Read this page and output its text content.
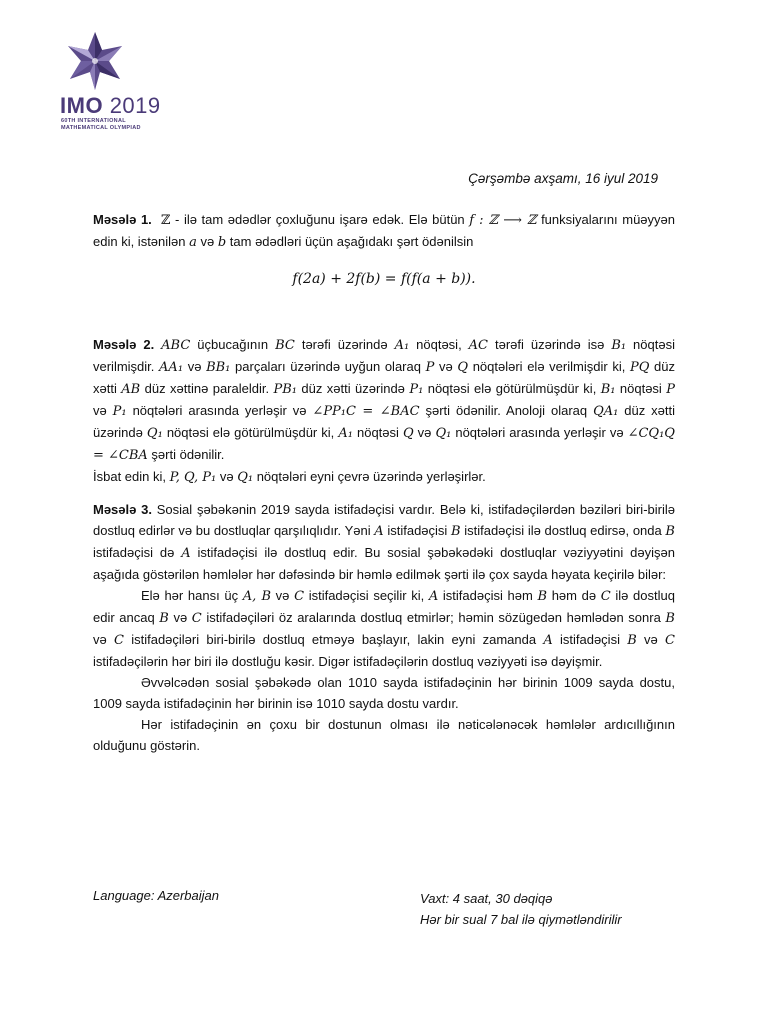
IMO 2019
60TH INTERNATIONAL
MATHEMATICAL OLYMPIAD
Çərşəmbə axşamı, 16 iyul 2019

Məsələ 1. ℤ - ilə tam ədədlər çoxluğunu işarə edək. Elə bütün f : ℤ ⟶ ℤ funksiyalarını müəyyən edin ki, istənilən a və b tam ədədləri üçün aşağıdakı şərt ödənilsin

f(2a) + 2f(b) = f(f(a + b)).

Məsələ 2. ABC üçbucağının BC tərəfi üzərində A₁ nöqtəsi, AC tərəfi üzərində isə B₁ nöqtəsi verilmişdir. AA₁ və BB₁ parçaları üzərində uyğun olaraq P və Q nöqtələri elə verilmişdir ki, PQ düz xətti AB düz xəttinə paraleldir. PB₁ düz xətti üzərində P₁ nöqtəsi elə götürülmüşdür ki, B₁ nöqtəsi P və P₁ nöqtələri arasında yerləşir və ∠PP₁C = ∠BAC şərti ödənilir. Anoloji olaraq QA₁ düz xətti üzərində Q₁ nöqtəsi elə götürülmüşdür ki, A₁ nöqtəsi Q və Q₁ nöqtələri arasında yerləşir və ∠CQ₁Q = ∠CBA şərti ödənilir.

İsbat edin ki, P, Q, P₁ və Q₁ nöqtələri eyni çevrə üzərində yerləşirlər.

Məsələ 3. Sosial şəbəkənin 2019 sayda istifadəçisi vardır. Belə ki, istifadəçilərdən bəziləri biri-birilə dostluq edirlər və bu dostluqlar qarşılıqlıdır. Yəni A istifadəçisi B istifadəçisi ilə dostluq edirsə, onda B istifadəçisi də A istifadəçisi ilə dostluq edir. Bu sosial şəbəkədəki dostluqlar vəziyyətini dəyişən aşağıda göstərilən həmlələr hər dəfəsində bir həmlə edilmək şərti ilə çox sayda həyata keçirilə bilər:

Elə hər hansı üç A, B və C istifadəçisi seçilir ki, A istifadəçisi həm B həm də C ilə dostluq edir ancaq B və C istifadəçiləri öz aralarında dostluq etmirlər; həmin sözügedən həmlədən sonra B və C istifadəçiləri biri-birilə dostluq etməyə başlayır, lakin eyni zamanda A istifadəçisi B və C istifadəçilərin hər biri ilə dostluğu kəsir. Digər istifadəçilərin dostluq vəziyyəti isə dəyişmir.

Əvvəlcədən sosial şəbəkədə olan 1010 sayda istifadəçinin hər birinin 1009 sayda dostu, 1009 sayda istifadəçinin hər birinin isə 1010 sayda dostu vardır.

Hər istifadəçinin ən çoxu bir dostunun olması ilə nəticələnəcək həmlələr ardıcıllığının olduğunu göstərin.

Language: Azerbaijan	Vaxt: 4 saat, 30 dəqiqə
Hər bir sual 7 bal ilə qiymətləndirilir
